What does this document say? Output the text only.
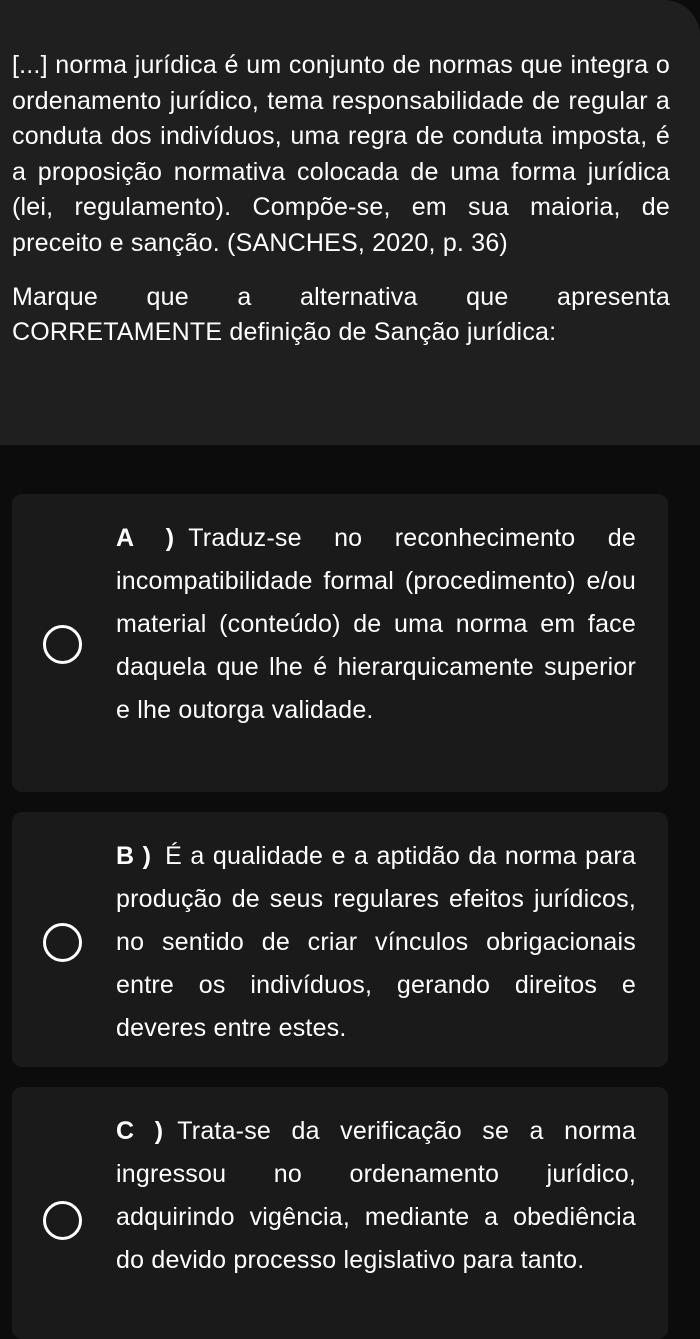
[...] norma jurídica é um conjunto de normas que integra o ordenamento jurídico, tema responsabilidade de regular a conduta dos indivíduos, uma regra de conduta imposta, é a proposição normativa colocada de uma forma jurídica (lei, regulamento). Compõe-se, em sua maioria, de preceito e sanção. (SANCHES, 2020, p. 36)

Marque que a alternativa que apresenta CORRETAMENTE definição de Sanção jurídica:

A ) Traduz-se no reconhecimento de incompatibilidade formal (procedimento) e/ou material (conteúdo) de uma norma em face daquela que lhe é hierarquicamente superior e lhe outorga validade.

B ) É a qualidade e a aptidão da norma para produção de seus regulares efeitos jurídicos, no sentido de criar vínculos obrigacionais entre os indivíduos, gerando direitos e deveres entre estes.

C ) Trata-se da verificação se a norma ingressou no ordenamento jurídico, adquirindo vigência, mediante a obediência do devido processo legislativo para tanto.
